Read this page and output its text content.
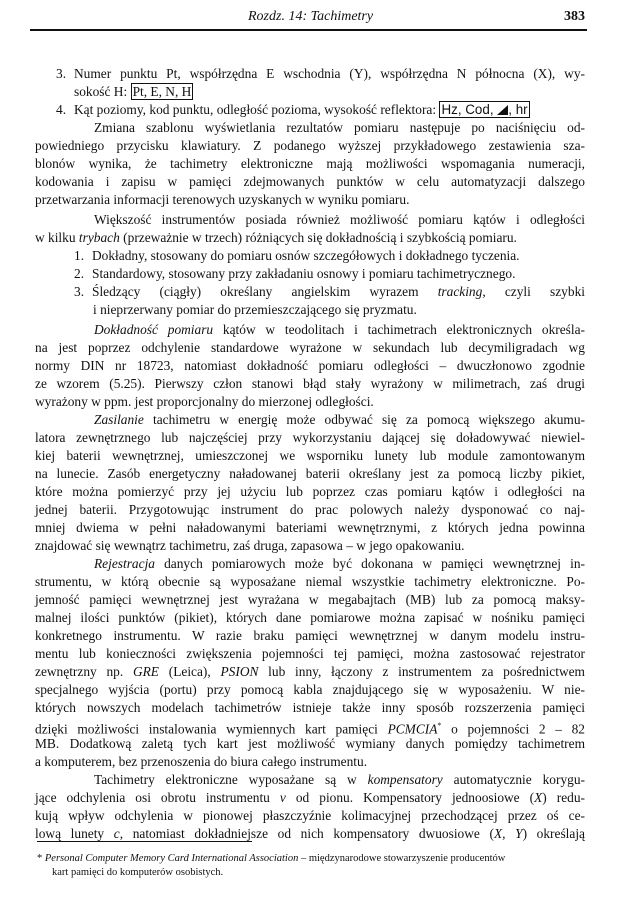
Rozdz. 14: Tachimetry	383
3. Numer punktu Pt, współrzędna E wschodnia (Y), współrzędna N północna (X), wy-
sokość H: Pt, E, N, H
4. Kąt poziomy, kod punktu, odległość pozioma, wysokość reflektora: Hz, Cod, , hr
Zmiana szablonu wyświetlania rezultatów pomiaru następuje po naciśnięciu od-
powiedniego przycisku klawiatury. Z podanego wyższej przykładowego zestawienia sza-
blonów wynika, że tachimetry elektroniczne mają możliwości wspomagania numeracji,
kodowania i zapisu w pamięci zdejmowanych punktów w celu automatyzacji dalszego
przetwarzania informacji terenowych uzyskanych w wyniku pomiaru.
Większość instrumentów posiada również możliwość pomiaru kątów i odległości
w kilku trybach (przeważnie w trzech) różniących się dokładnością i szybkością pomiaru.
1. Dokładny, stosowany do pomiaru osnów szczegółowych i dokładnego tyczenia.
2. Standardowy, stosowany przy zakładaniu osnowy i pomiaru tachimetrycznego.
3. Śledzący (ciągły) określany angielskim wyrazem tracking, czyli szybki
i nieprzerwany pomiar do przemieszczającego się pryzmatu.
Dokładność pomiaru kątów w teodolitach i tachimetrach elektronicznych określa-
na jest poprzez odchylenie standardowe wyrażone w sekundach lub decymiligradach wg
normy DIN nr 18723, natomiast dokładność pomiaru odległości – dwuczłonowo zgodnie
ze wzorem (5.25). Pierwszy człon stanowi błąd stały wyrażony w milimetrach, zaś drugi
wyrażony w ppm. jest proporcjonalny do mierzonej odległości.
Zasilanie tachimetru w energię może odbywać się za pomocą większego akumu-
latora zewnętrznego lub najczęściej przy wykorzystaniu dającej się doładowywać niewiel-
kiej baterii wewnętrznej, umieszczonej we wsporniku lunety lub module zamontowanym
na lunecie. Zasób energetyczny naładowanej baterii określany jest za pomocą liczby pikiet,
które można pomierzyć przy jej użyciu lub poprzez czas pomiaru kątów i odległości na
jednej baterii. Przygotowując instrument do prac polowych należy dysponować co naj-
mniej dwiema w pełni naładowanymi bateriami wewnętrznymi, z których jedna powinna
znajdować się wewnątrz tachimetru, zaś druga, zapasowa – w jego opakowaniu.
Rejestracja danych pomiarowych może być dokonana w pamięci wewnętrznej in-
strumentu, w którą obecnie są wyposażane niemal wszystkie tachimetry elektroniczne. Po-
jemność pamięci wewnętrznej jest wyrażana w megabajtach (MB) lub za pomocą maksy-
malnej ilości punktów (pikiet), których dane pomiarowe można zapisać w nośniku pamięci
konkretnego instrumentu. W razie braku pamięci wewnętrznej w danym modelu instru-
mentu lub konieczności zwiększenia pojemności tej pamięci, można zastosować rejestrator
zewnętrzny np. GRE (Leica), PSION lub inny, łączony z instrumentem za pośrednictwem
specjalnego wyjścia (portu) przy pomocą kabla znajdującego się w wyposażeniu. W nie-
których nowszych modelach tachimetrów istnieje także inny sposób rozszerzenia pamięci
dzięki możliwości instalowania wymiennych kart pamięci PCMCIA* o pojemności 2 – 82
MB. Dodatkową zaletą tych kart jest możliwość wymiany danych pomiędzy tachimetrem
a komputerem, bez przenoszenia do biura całego instrumentu.
Tachimetry elektroniczne wyposażane są w kompensatory automatycznie korygu-
jące odchylenia osi obrotu instrumentu v od pionu. Kompensatory jednoosiowe (X) redu-
kują wpływ odchylenia w pionowej płaszczyźnie kolimacyjnej przechodzącej przez oś ce-
lową lunety c, natomiast dokładniejsze od nich kompensatory dwuosiowe (X, Y) określają
* Personal Computer Memory Card International Association – międzynarodowe stowarzyszenie producentów
kart pamięci do komputerów osobistych.
